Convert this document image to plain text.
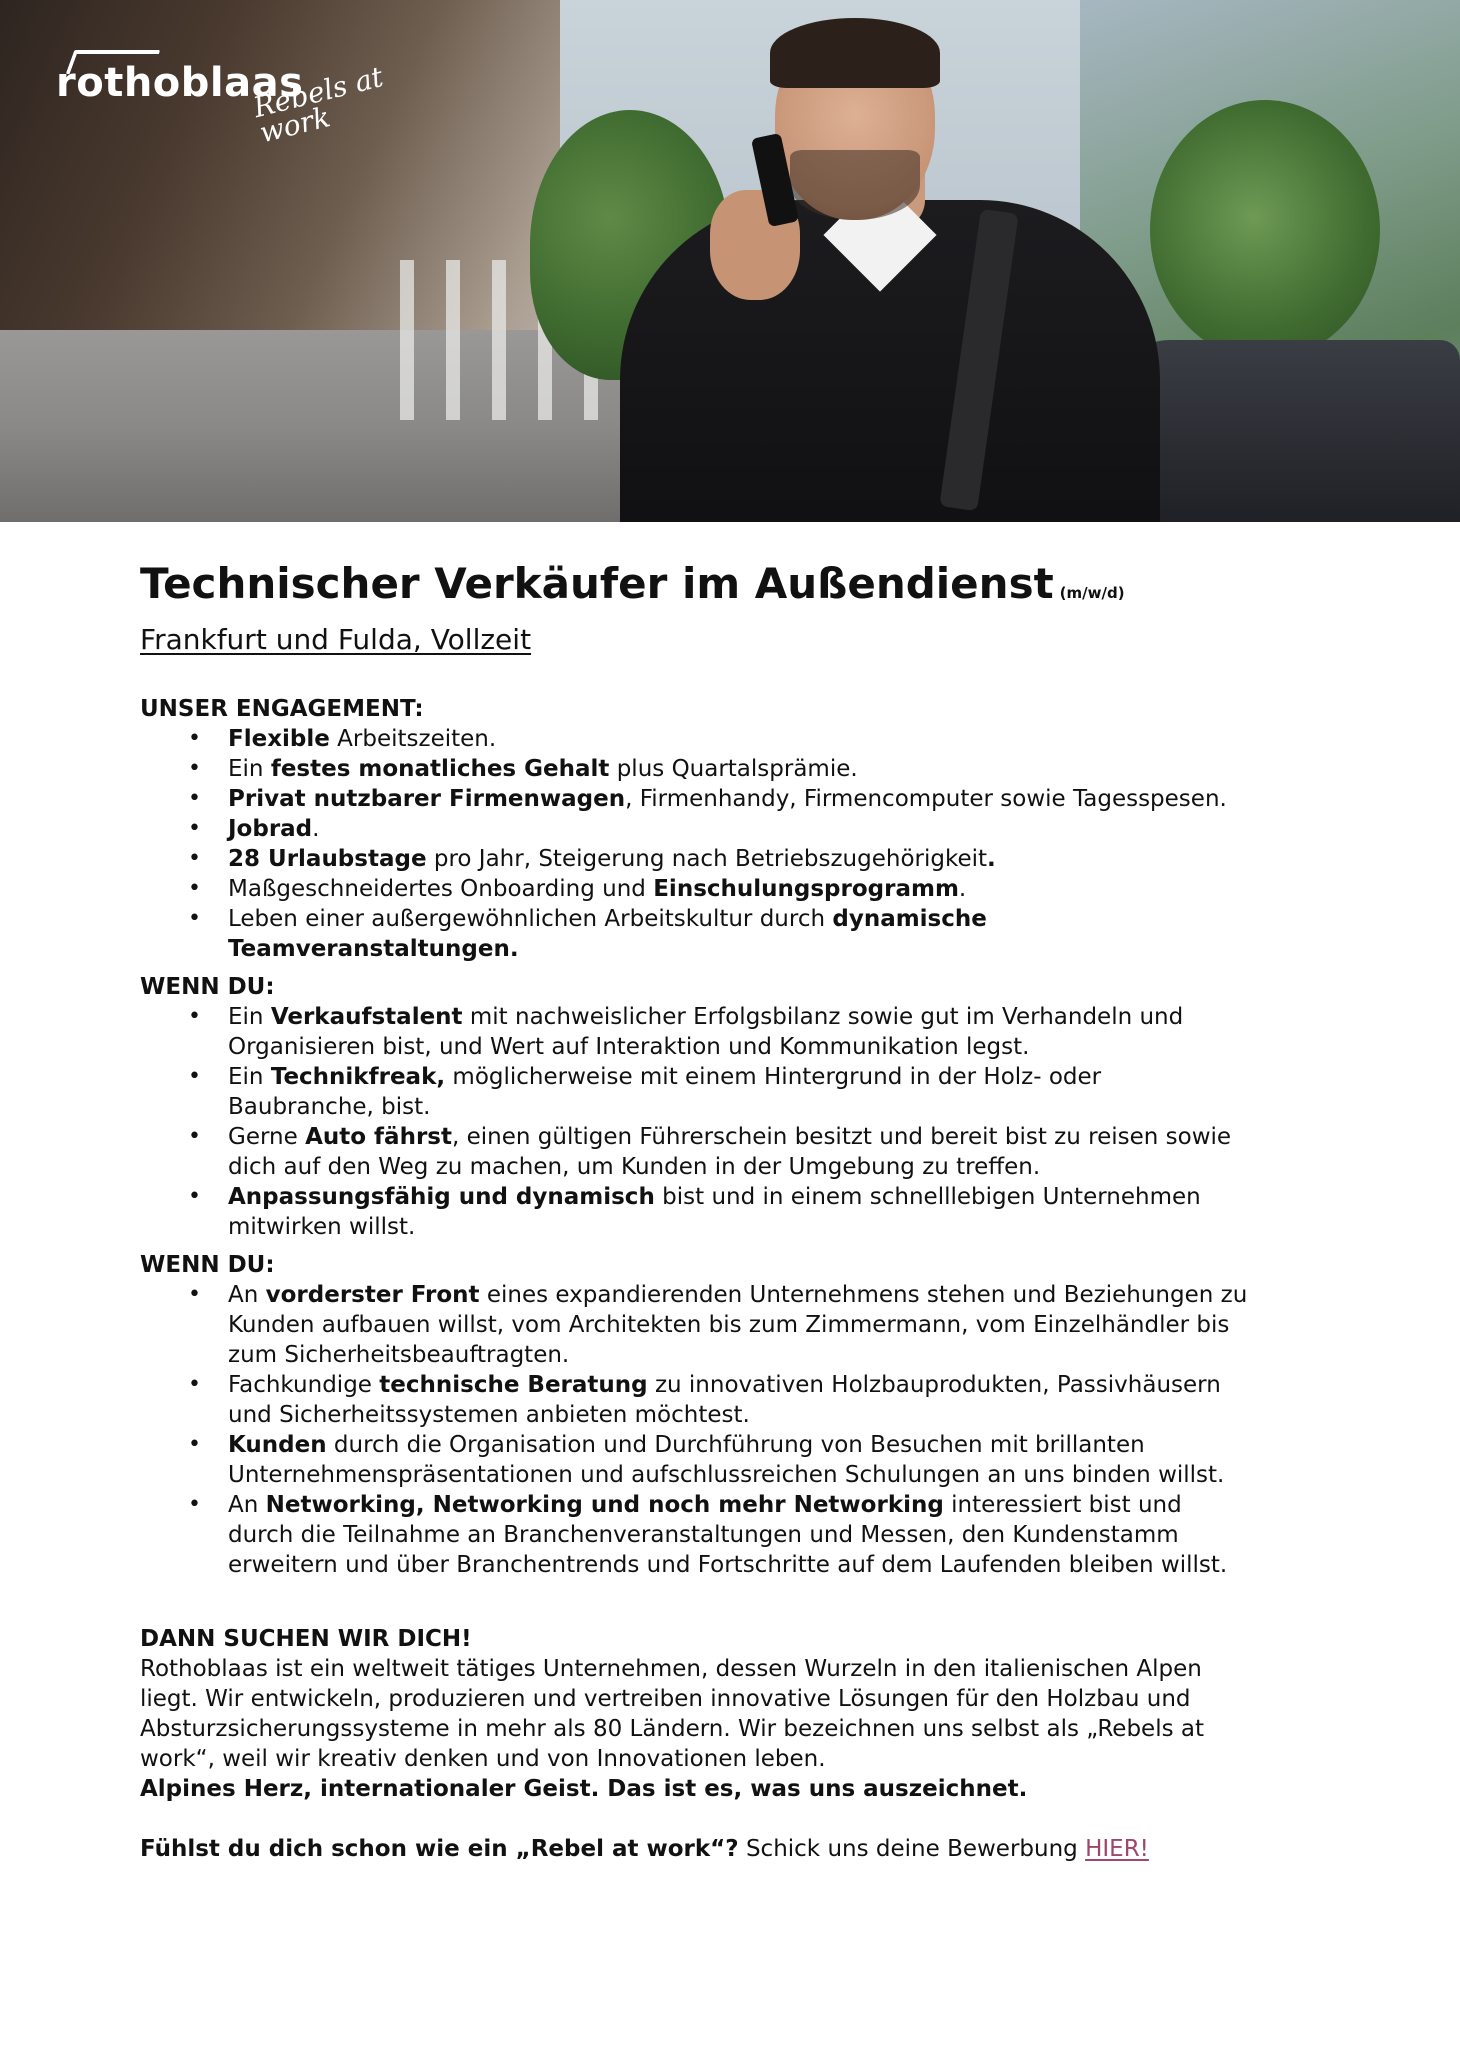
rothoblaas
Rebels at work
Technischer Verkäufer im Außendienst (m/w/d)

Frankfurt und Fulda, Vollzeit

UNSER ENGAGEMENT:

• Flexible Arbeitszeiten.
• Ein festes monatliches Gehalt plus Quartalsprämie.
• Privat nutzbarer Firmenwagen, Firmenhandy, Firmencomputer sowie Tagesspesen.
• Jobrad.
• 28 Urlaubstage pro Jahr, Steigerung nach Betriebszugehörigkeit.
• Maßgeschneidertes Onboarding und Einschulungsprogramm.
• Leben einer außergewöhnlichen Arbeitskultur durch dynamische
Teamveranstaltungen.

WENN DU:

• Ein Verkaufstalent mit nachweislicher Erfolgsbilanz sowie gut im Verhandeln und
Organisieren bist, und Wert auf Interaktion und Kommunikation legst.
• Ein Technikfreak, möglicherweise mit einem Hintergrund in der Holz- oder
Baubranche, bist.
• Gerne Auto fährst, einen gültigen Führerschein besitzt und bereit bist zu reisen sowie
dich auf den Weg zu machen, um Kunden in der Umgebung zu treffen.
• Anpassungsfähig und dynamisch bist und in einem schnelllebigen Unternehmen
mitwirken willst.

WENN DU:

• An vorderster Front eines expandierenden Unternehmens stehen und Beziehungen zu
Kunden aufbauen willst, vom Architekten bis zum Zimmermann, vom Einzelhändler bis
zum Sicherheitsbeauftragten.
• Fachkundige technische Beratung zu innovativen Holzbauprodukten, Passivhäusern
und Sicherheitssystemen anbieten möchtest.
• Kunden durch die Organisation und Durchführung von Besuchen mit brillanten
Unternehmenspräsentationen und aufschlussreichen Schulungen an uns binden willst.
• An Networking, Networking und noch mehr Networking interessiert bist und
durch die Teilnahme an Branchenveranstaltungen und Messen, den Kundenstamm
erweitern und über Branchentrends und Fortschritte auf dem Laufenden bleiben willst.

DANN SUCHEN WIR DICH!

Rothoblaas ist ein weltweit tätiges Unternehmen, dessen Wurzeln in den italienischen Alpen

liegt. Wir entwickeln, produzieren und vertreiben innovative Lösungen für den Holzbau und

Absturzsicherungssysteme in mehr als 80 Ländern. Wir bezeichnen uns selbst als „Rebels at

work“, weil wir kreativ denken und von Innovationen leben.

Alpines Herz, internationaler Geist. Das ist es, was uns auszeichnet.

Fühlst du dich schon wie ein „Rebel at work“? Schick uns deine Bewerbung HIER!
